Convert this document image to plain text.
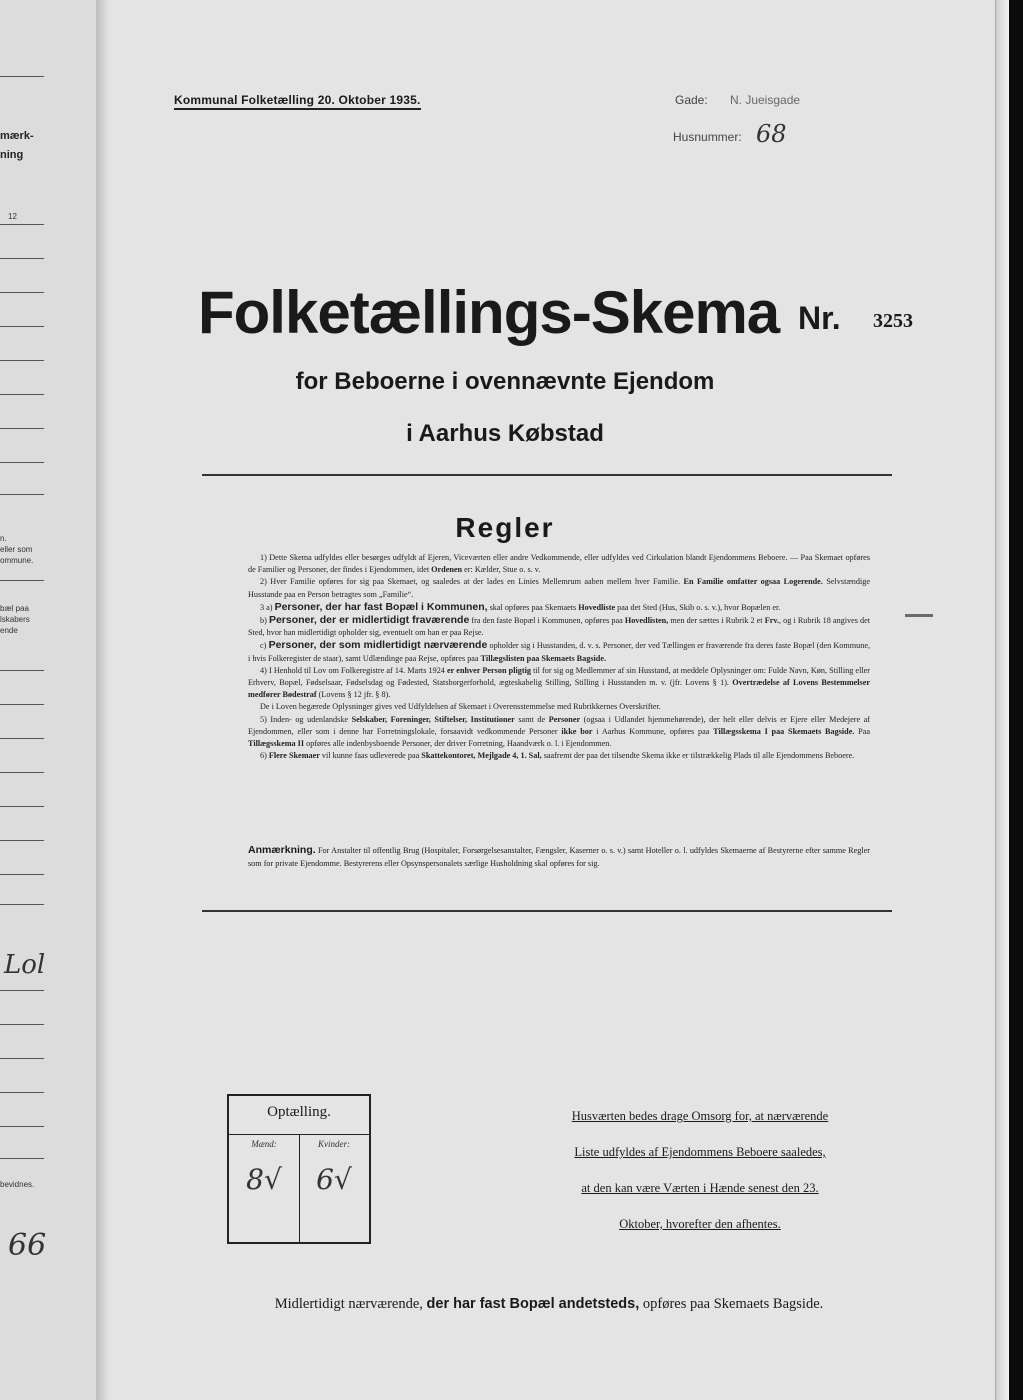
mærk-
ning
12
n.
eller som
ommune.
bæl paa
lskabers
ende
Lol
bevidnes.
66
Kommunal Folketælling 20. Oktober 1935.	Gade: N. Jueisgade
Husnummer: 68
Folketællings-Skema Nr. 3253
for Beboerne i ovennævnte Ejendom
i Aarhus Købstad
Regler

1) Dette Skema udfyldes eller besørges udfyldt af Ejeren, Viceværten eller andre Vedkommende, eller udfyldes ved Cirkulation blandt Ejendommens Beboere. — Paa Skemaet opføres de Familier og Personer, der findes i Ejendommen, idet Ordenen er: Kælder, Stue o. s. v.

2) Hver Familie opføres for sig paa Skemaet, og saaledes at der lades en Linies Mellemrum aaben mellem hver Familie. En Familie omfatter ogsaa Logerende. Selvstændige Husstande paa en Person betragtes som „Familie“.

3 a) Personer, der har fast Bopæl i Kommunen, skal opføres paa Skemaets Hovedliste paa det Sted (Hus, Skib o. s. v.), hvor Bopælen er.

b) Personer, der er midlertidigt fraværende fra den faste Bopæl i Kommunen, opføres paa Hovedlisten, men der sættes i Rubrik 2 et Frv., og i Rubrik 18 angives det Sted, hvor han midlertidigt opholder sig, eventuelt om han er paa Rejse.

c) Personer, der som midlertidigt nærværende opholder sig i Husstanden, d. v. s. Personer, der ved Tællingen er fraværende fra deres faste Bopæl (den Kommune, i hvis Folkeregister de staar), samt Udlændinge paa Rejse, opføres paa Tillægslisten paa Skemaets Bagside.

4) I Henhold til Lov om Folkeregistre af 14. Marts 1924 er enhver Person pligtig til for sig og Medlemmer af sin Husstand, at meddele Oplysninger om: Fulde Navn, Køn, Stilling eller Erhverv, Bopæl, Fødselsaar, Fødselsdag og Fødested, Statsborgerforhold, ægteskabelig Stilling, Stilling i Husstanden m. v. (jfr. Lovens § 1). Overtrædelse af Lovens Bestemmelser medfører Bødestraf (Lovens § 12 jfr. § 8).

De i Loven begærede Oplysninger gives ved Udfyldelsen af Skemaet i Overensstemmelse med Rubrikkernes Overskrifter.

5) Inden- og udenlandske Selskaber, Foreninger, Stiftelser, Institutioner samt de Personer (ogsaa i Udlandet hjemmehørende), der helt eller delvis er Ejere eller Medejere af Ejendommen, eller som i denne har Forretningslokale, forsaavidt vedkommende Personer ikke bor i Aarhus Kommune, opføres paa Tillægsskema I paa Skemaets Bagside. Paa Tillægsskema II opføres alle indenbysboende Personer, der driver Forretning, Haandværk o. l. i Ejendommen.

6) Flere Skemaer vil kunne faas udleverede paa Skattekontoret, Mejlgade 4, 1. Sal, saafremt der paa det tilsendte Skema ikke er tilstrækkelig Plads til alle Ejendommens Beboere.

Anmærkning. For Anstalter til offentlig Brug (Hospitaler, Forsørgelsesanstalter, Fængsler, Kaserner o. s. v.) samt Hoteller o. l. udfyldes Skemaerne af Bestyrerne efter samme Regler som for private Ejendomme. Bestyrerens eller Opsynspersonalets særlige Husholdning skal opføres for sig.
Optælling.
Mænd:	Kvinder:
8√	6√
Husværten bedes drage Omsorg for, at nærværende
Liste udfyldes af Ejendommens Beboere saaledes,
at den kan være Værten i Hænde senest den 23.
Oktober, hvorefter den afhentes.
Midlertidigt nærværende, der har fast Bopæl andetsteds, opføres paa Skemaets Bagside.
